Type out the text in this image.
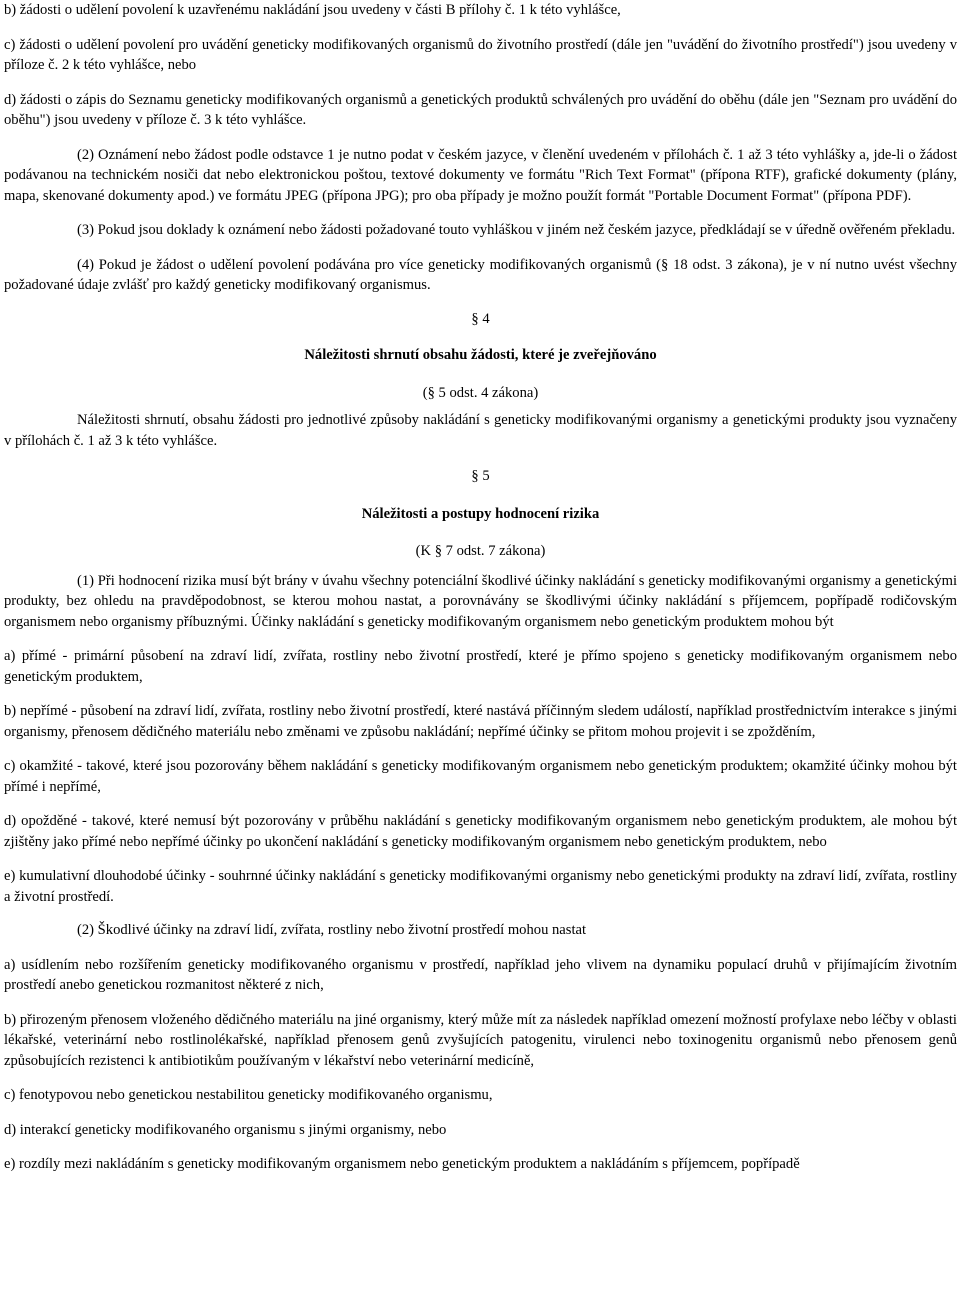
b) žádosti o udělení povolení k uzavřenému nakládání jsou uvedeny v části B přílohy č. 1 k této vyhlášce,

c) žádosti o udělení povolení pro uvádění geneticky modifikovaných organismů do životního prostředí (dále jen "uvádění do životního prostředí") jsou uvedeny v příloze č. 2 k této vyhlášce, nebo

d) žádosti o zápis do Seznamu geneticky modifikovaných organismů a genetických produktů schválených pro uvádění do oběhu (dále jen "Seznam pro uvádění do oběhu") jsou uvedeny v příloze č. 3 k této vyhlášce.

(2) Oznámení nebo žádost podle odstavce 1 je nutno podat v českém jazyce, v členění uvedeném v přílohách č. 1 až 3 této vyhlášky a, jde-li o žádost podávanou na technickém nosiči dat nebo elektronickou poštou, textové dokumenty ve formátu "Rich Text Format" (přípona RTF), grafické dokumenty (plány, mapa, skenované dokumenty apod.) ve formátu JPEG (přípona JPG); pro oba případy je možno použít formát "Portable Document Format" (přípona PDF).

(3) Pokud jsou doklady k oznámení nebo žádosti požadované touto vyhláškou v jiném než českém jazyce, předkládají se v úředně ověřeném překladu.

(4) Pokud je žádost o udělení povolení podávána pro více geneticky modifikovaných organismů (§ 18 odst. 3 zákona), je v ní nutno uvést všechny požadované údaje zvlášť pro každý geneticky modifikovaný organismus.

§ 4

Náležitosti shrnutí obsahu žádosti, které je zveřejňováno

(§ 5 odst. 4 zákona)

Náležitosti shrnutí, obsahu žádosti pro jednotlivé způsoby nakládání s geneticky modifikovanými organismy a genetickými produkty jsou vyznačeny v přílohách č. 1 až 3 k této vyhlášce.

§ 5

Náležitosti a postupy hodnocení rizika

(K § 7 odst. 7 zákona)

(1) Při hodnocení rizika musí být brány v úvahu všechny potenciální škodlivé účinky nakládání s geneticky modifikovanými organismy a genetickými produkty, bez ohledu na pravděpodobnost, se kterou mohou nastat, a porovnávány se škodlivými účinky nakládání s příjemcem, popřípadě rodičovským organismem nebo organismy příbuznými. Účinky nakládání s geneticky modifikovaným organismem nebo genetickým produktem mohou být

a) přímé - primární působení na zdraví lidí, zvířata, rostliny nebo životní prostředí, které je přímo spojeno s geneticky modifikovaným organismem nebo genetickým produktem,

b) nepřímé - působení na zdraví lidí, zvířata, rostliny nebo životní prostředí, které nastává příčinným sledem událostí, například prostřednictvím interakce s jinými organismy, přenosem dědičného materiálu nebo změnami ve způsobu nakládání; nepřímé účinky se přitom mohou projevit i se zpožděním,

c) okamžité - takové, které jsou pozorovány během nakládání s geneticky modifikovaným organismem nebo genetickým produktem; okamžité účinky mohou být přímé i nepřímé,

d) opožděné - takové, které nemusí být pozorovány v průběhu nakládání s geneticky modifikovaným organismem nebo genetickým produktem, ale mohou být zjištěny jako přímé nebo nepřímé účinky po ukončení nakládání s geneticky modifikovaným organismem nebo genetickým produktem, nebo

e) kumulativní dlouhodobé účinky - souhrnné účinky nakládání s geneticky modifikovanými organismy nebo genetickými produkty na zdraví lidí, zvířata, rostliny a životní prostředí.

(2) Škodlivé účinky na zdraví lidí, zvířata, rostliny nebo životní prostředí mohou nastat

a) usídlením nebo rozšířením geneticky modifikovaného organismu v prostředí, například jeho vlivem na dynamiku populací druhů v přijímajícím životním prostředí anebo genetickou rozmanitost některé z nich,

b) přirozeným přenosem vloženého dědičného materiálu na jiné organismy, který může mít za následek například omezení možností profylaxe nebo léčby v oblasti lékařské, veterinární nebo rostlinolékařské, například přenosem genů zvyšujících patogenitu, virulenci nebo toxinogenitu organismů nebo přenosem genů způsobujících rezistenci k antibiotikům používaným v lékařství nebo veterinární medicíně,

c) fenotypovou nebo genetickou nestabilitou geneticky modifikovaného organismu,

d) interakcí geneticky modifikovaného organismu s jinými organismy, nebo

e) rozdíly mezi nakládáním s geneticky modifikovaným organismem nebo genetickým produktem a nakládáním s příjemcem, popřípadě
